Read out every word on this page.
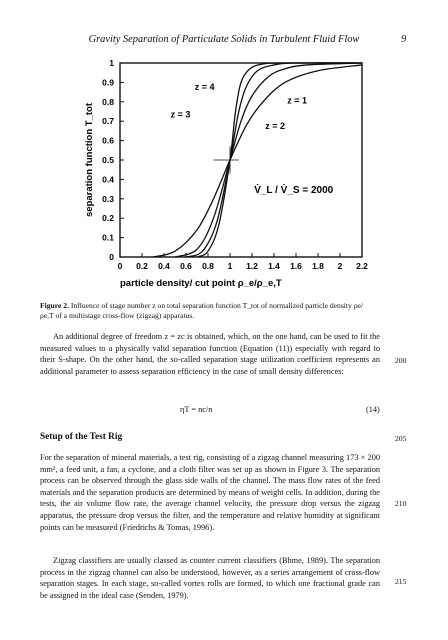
Gravity Separation of Particulate Solids in Turbulent Fluid Flow	9
0 0.2 0.4 0.6 0.8 1 1.2 1.4 1.6 1.8 2 2.2
0
0.1
0.2
0.3
0.4
0.5
0.6
0.7
0.8
0.9
1
z = 1
z = 2
z = 3
z = 4
V̇_L / V̇_S = 2000
separation function T_tot
particle density/ cut point ρ_e/ρ_e,T
Figure 2. Influence of stage number z on total separation function T_tot of normalized particle density ρe/ρe,T of a multistage cross-flow (zigzag) apparatus.
An additional degree of freedom z = zc is obtained, which, on the one hand, can be used to fit the measured values to a physically valid separation function (Equation (11)) especially with regard to their S-shape. On the other hand, the so-called separation stage utilization coefficient represents an additional parameter to assess separation efficiency in the case of small density differences:
200
ηT = nc/n	(14)
Setup of the Test Rig	205
For the separation of mineral materials, a test rig, consisting of a zigzag channel measuring 173 × 200 mm², a feed unit, a fan, a cyclone, and a cloth filter was set up as shown in Figure 3. The separation process can be observed through the glass side walls of the channel. The mass flow rates of the feed materials and the separation products are determined by means of weight cells. In addition, during the tests, the air volume flow rate, the average channel velocity, the pressure drop versus the zigzag apparatus, the pressure drop versus the filter, and the temperature and relative humidity at significant points can be measured (Friedrichs & Tomas, 1996).
210
Zigzag classifiers are usually classed as counter current classifiers (Bhme, 1989). The separation process in the zigzag channel can also be understood, however, as a series arrangement of cross-flow separation stages. In each stage, so-called vortex rolls are formed, to which one fractional grade can be assigned in the ideal case (Senden, 1979).
215
